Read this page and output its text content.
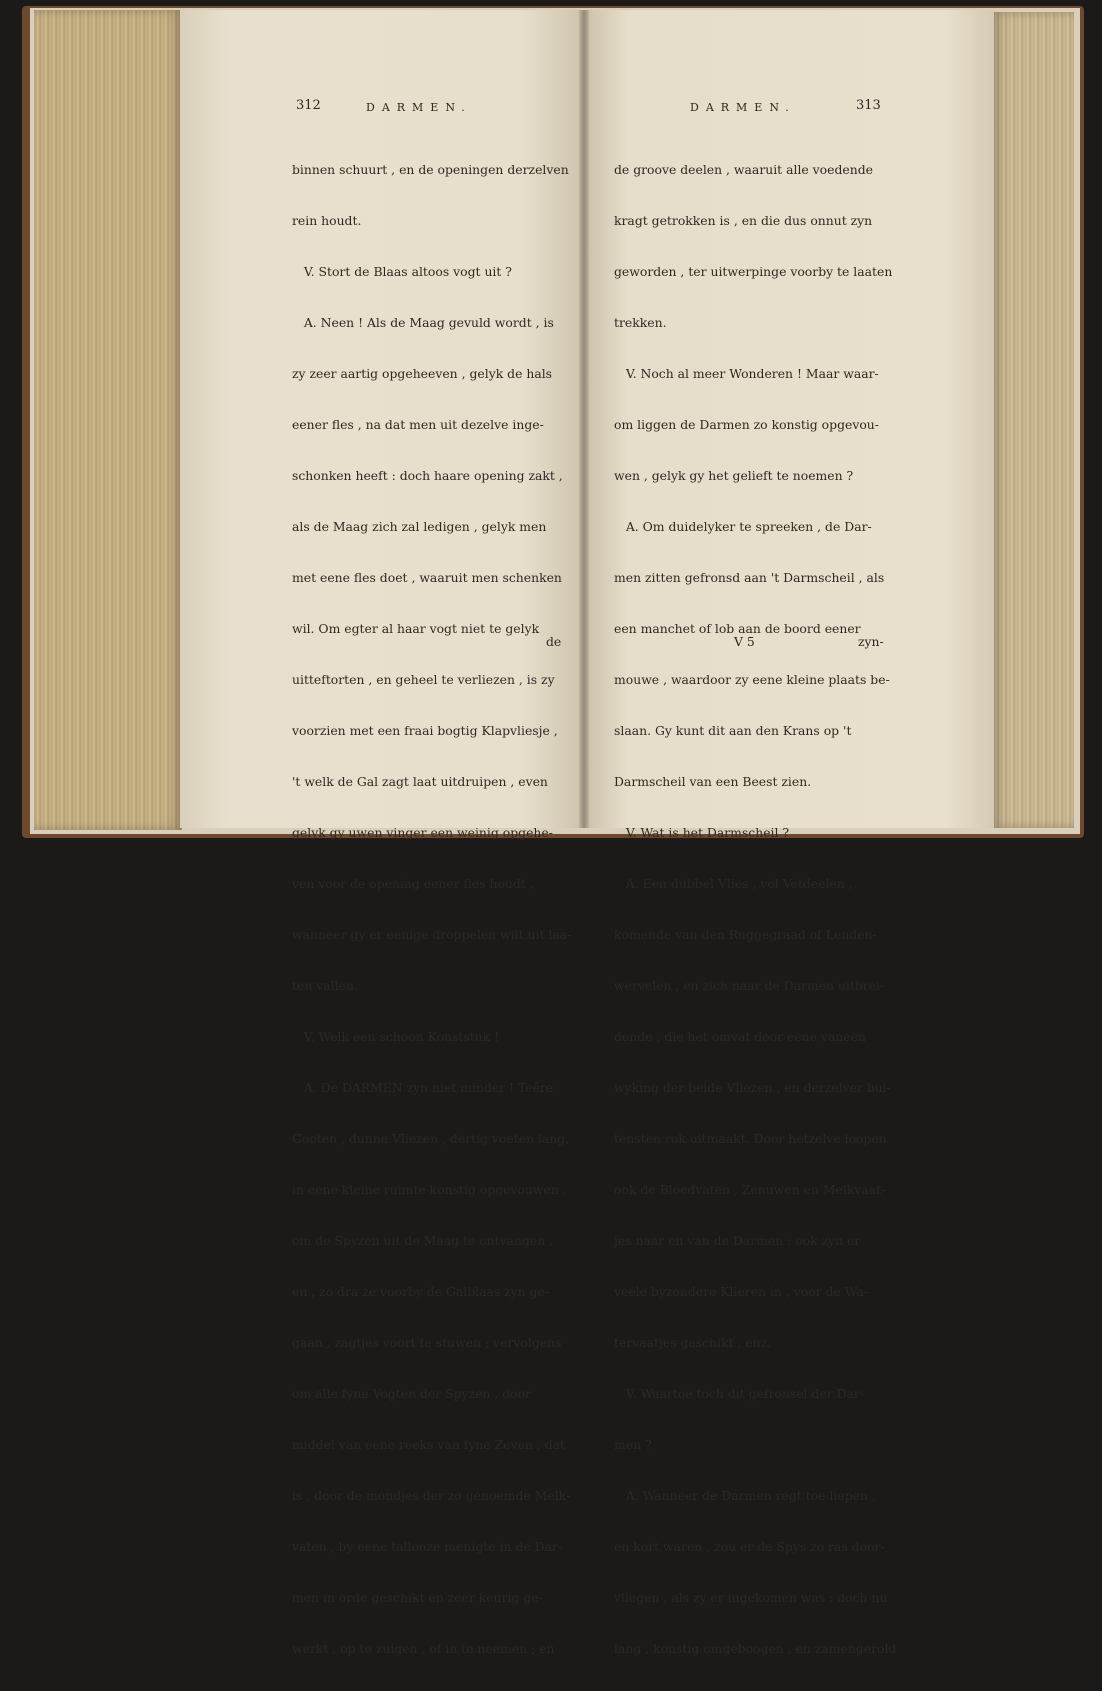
312	DARMEN.

binnen schuurt , en de openingen derzelven

rein houdt.

V. Stort de Blaas altoos vogt uit ?

A. Neen ! Als de Maag gevuld wordt , is

zy zeer aartig opgeheeven , gelyk de hals

eener fles , na dat men uit dezelve inge-

schonken heeft : doch haare opening zakt ,

als de Maag zich zal ledigen , gelyk men

met eene fles doet , waaruit men schenken

wil. Om egter al haar vogt niet te gelyk

uitteftorten , en geheel te verliezen , is zy

voorzien met een fraai bogtig Klapvliesje ,

't welk de Gal zagt laat uitdruipen , even

gelyk gy uwen vinger een weinig opgehe-

ven voor de opening eener fles houdt ,

wanneer gy er eenige droppelen wilt uit laa-

ten vallen.

V. Welk een schoon Konststuk !

A. De DARMEN zyn niet minder ! Teêre

Gooten , dunne Vliezen , dertig voeten lang,

in eene kleine ruimte konstig opgevouwen ,

om de Spyzen uit de Maag te ontvangen ,

en , zo dra ze voorby de Galblaas zyn ge-

gaan , zagtjes voort te stuwen ; vervolgens

om alle fyne Vogten der Spyzen , door

middel van eene reeks van fyne Zeven , dat

is , door de mondjes der zo genoemde Melk-

vaten , by eene tallooze menigte in de Dar-

men in orde geschikt en zeer keurig ge-

werkt , op te zuigen , of in te neemen ; en

de
DARMEN.	313

de groove deelen , waaruit alle voedende

kragt getrokken is , en die dus onnut zyn

geworden , ter uitwerpinge voorby te laaten

trekken.

V. Noch al meer Wonderen ! Maar waar-

om liggen de Darmen zo konstig opgevou-

wen , gelyk gy het gelieft te noemen ?

A. Om duidelyker te spreeken , de Dar-

men zitten gefronsd aan 't Darmscheil , als

een manchet of lob aan de boord eener

mouwe , waardoor zy eene kleine plaats be-

slaan. Gy kunt dit aan den Krans op 't

Darmscheil van een Beest zien.

V. Wat is het Darmscheil ?

A. Een dubbel Vlies , vol Vetdeelen ,

komende van den Ruggegraad of Lenden-

wervelen , en zich naar de Darmen uitbrei-

dende , die het omvat door eene vaneen

wyking der beide Vliezen , en derzelver bui-

tensten rok uitmaakt. Door hetzelve loopen

ook de Bloedvaten , Zenuwen en Melkvaat-

jes naar en van de Darmen : ook zyn er

veele byzondere Klieren in , voor de Wa-

tervaatjes geschikt , enz.

V. Waartoe toch dit gefronsel der Dar-

men ?

A. Wanneer de Darmen regt toe liepen ,

en kort waren , zou er de Spys zo ras door-

vliegen , als zy er ingekomen was : doch nu

lang , konstig omgeboogen , en zamengerold

V 5	zyn-
